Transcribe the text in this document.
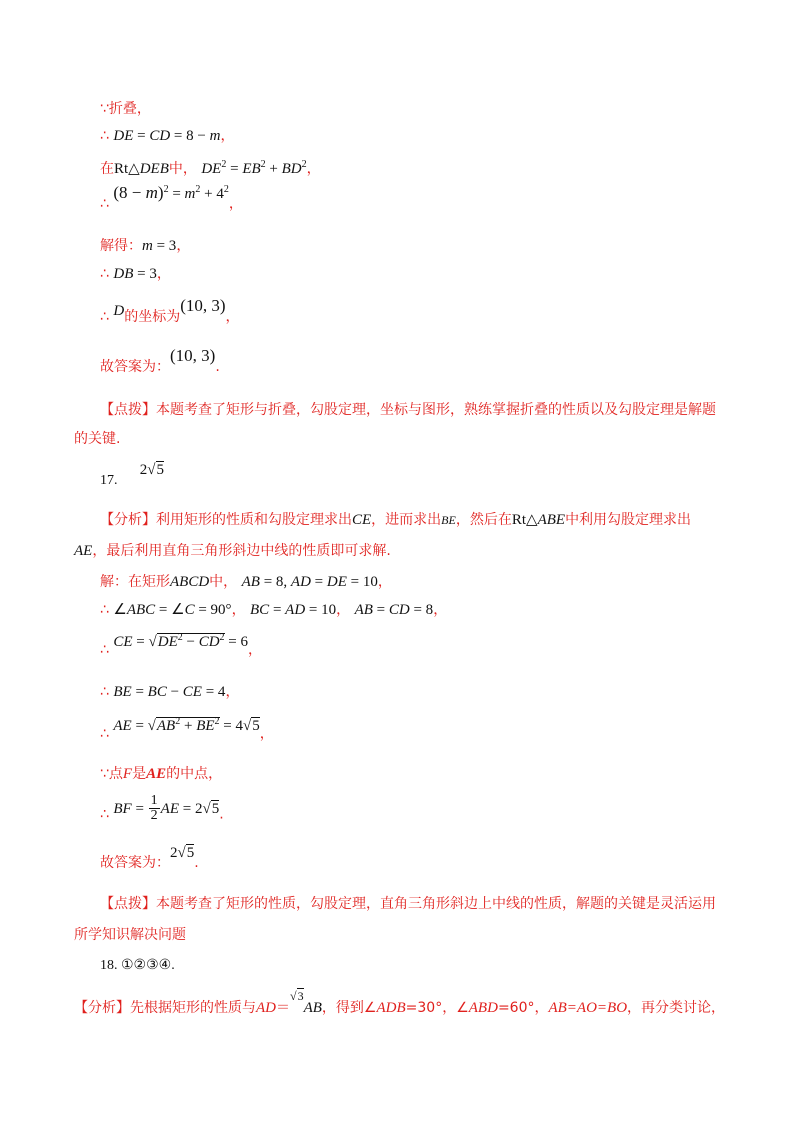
∵折叠，
∴ DE = CD = 8 − m，
在Rt△DEB中， $DE^2 = EB^2 + BD^2$，
∴ $(8 - m)^2 = m^2 + 4^2$，
解得：m = 3，
∴ DB = 3，
∴ D的坐标为(10, 3)，
故答案为：(10, 3).
【点拨】本题考查了矩形与折叠，勾股定理，坐标与图形，熟练掌握折叠的性质以及勾股定理是解题
的关键.
17.     2√5
【分析】利用矩形的性质和勾股定理求出CE，进而求出BE，然后在Rt△ABE中利用勾股定理求出
AE，最后利用直角三角形斜边中线的性质即可求解.
解：在矩形ABCD中， AB = 8, AD = DE = 10，
∴ ∠ABC = ∠C = 90°， BC = AD = 10， AB = CD = 8，
∴ CE = $√DE^2 - CD^2 = 6$，
∴ BE = BC − CE = 4，
∴ AE = $√AB^2 + BE^2 = 4√5$，
∵点F是AE的中点，
∴ BF = $\frac{1}{2}$ AE = 2√5.
故答案为：2√5.
【点拨】本题考查了矩形的性质，勾股定理，直角三角形斜边上中线的性质，解题的关键是灵活运用
所学知识解决问题
18. ①②③④.
【分析】先根据矩形的性质与AD＝√3AB，得到∠ADB=30°，∠ABD=60°，AB=AO=BO，再分类讨论，
